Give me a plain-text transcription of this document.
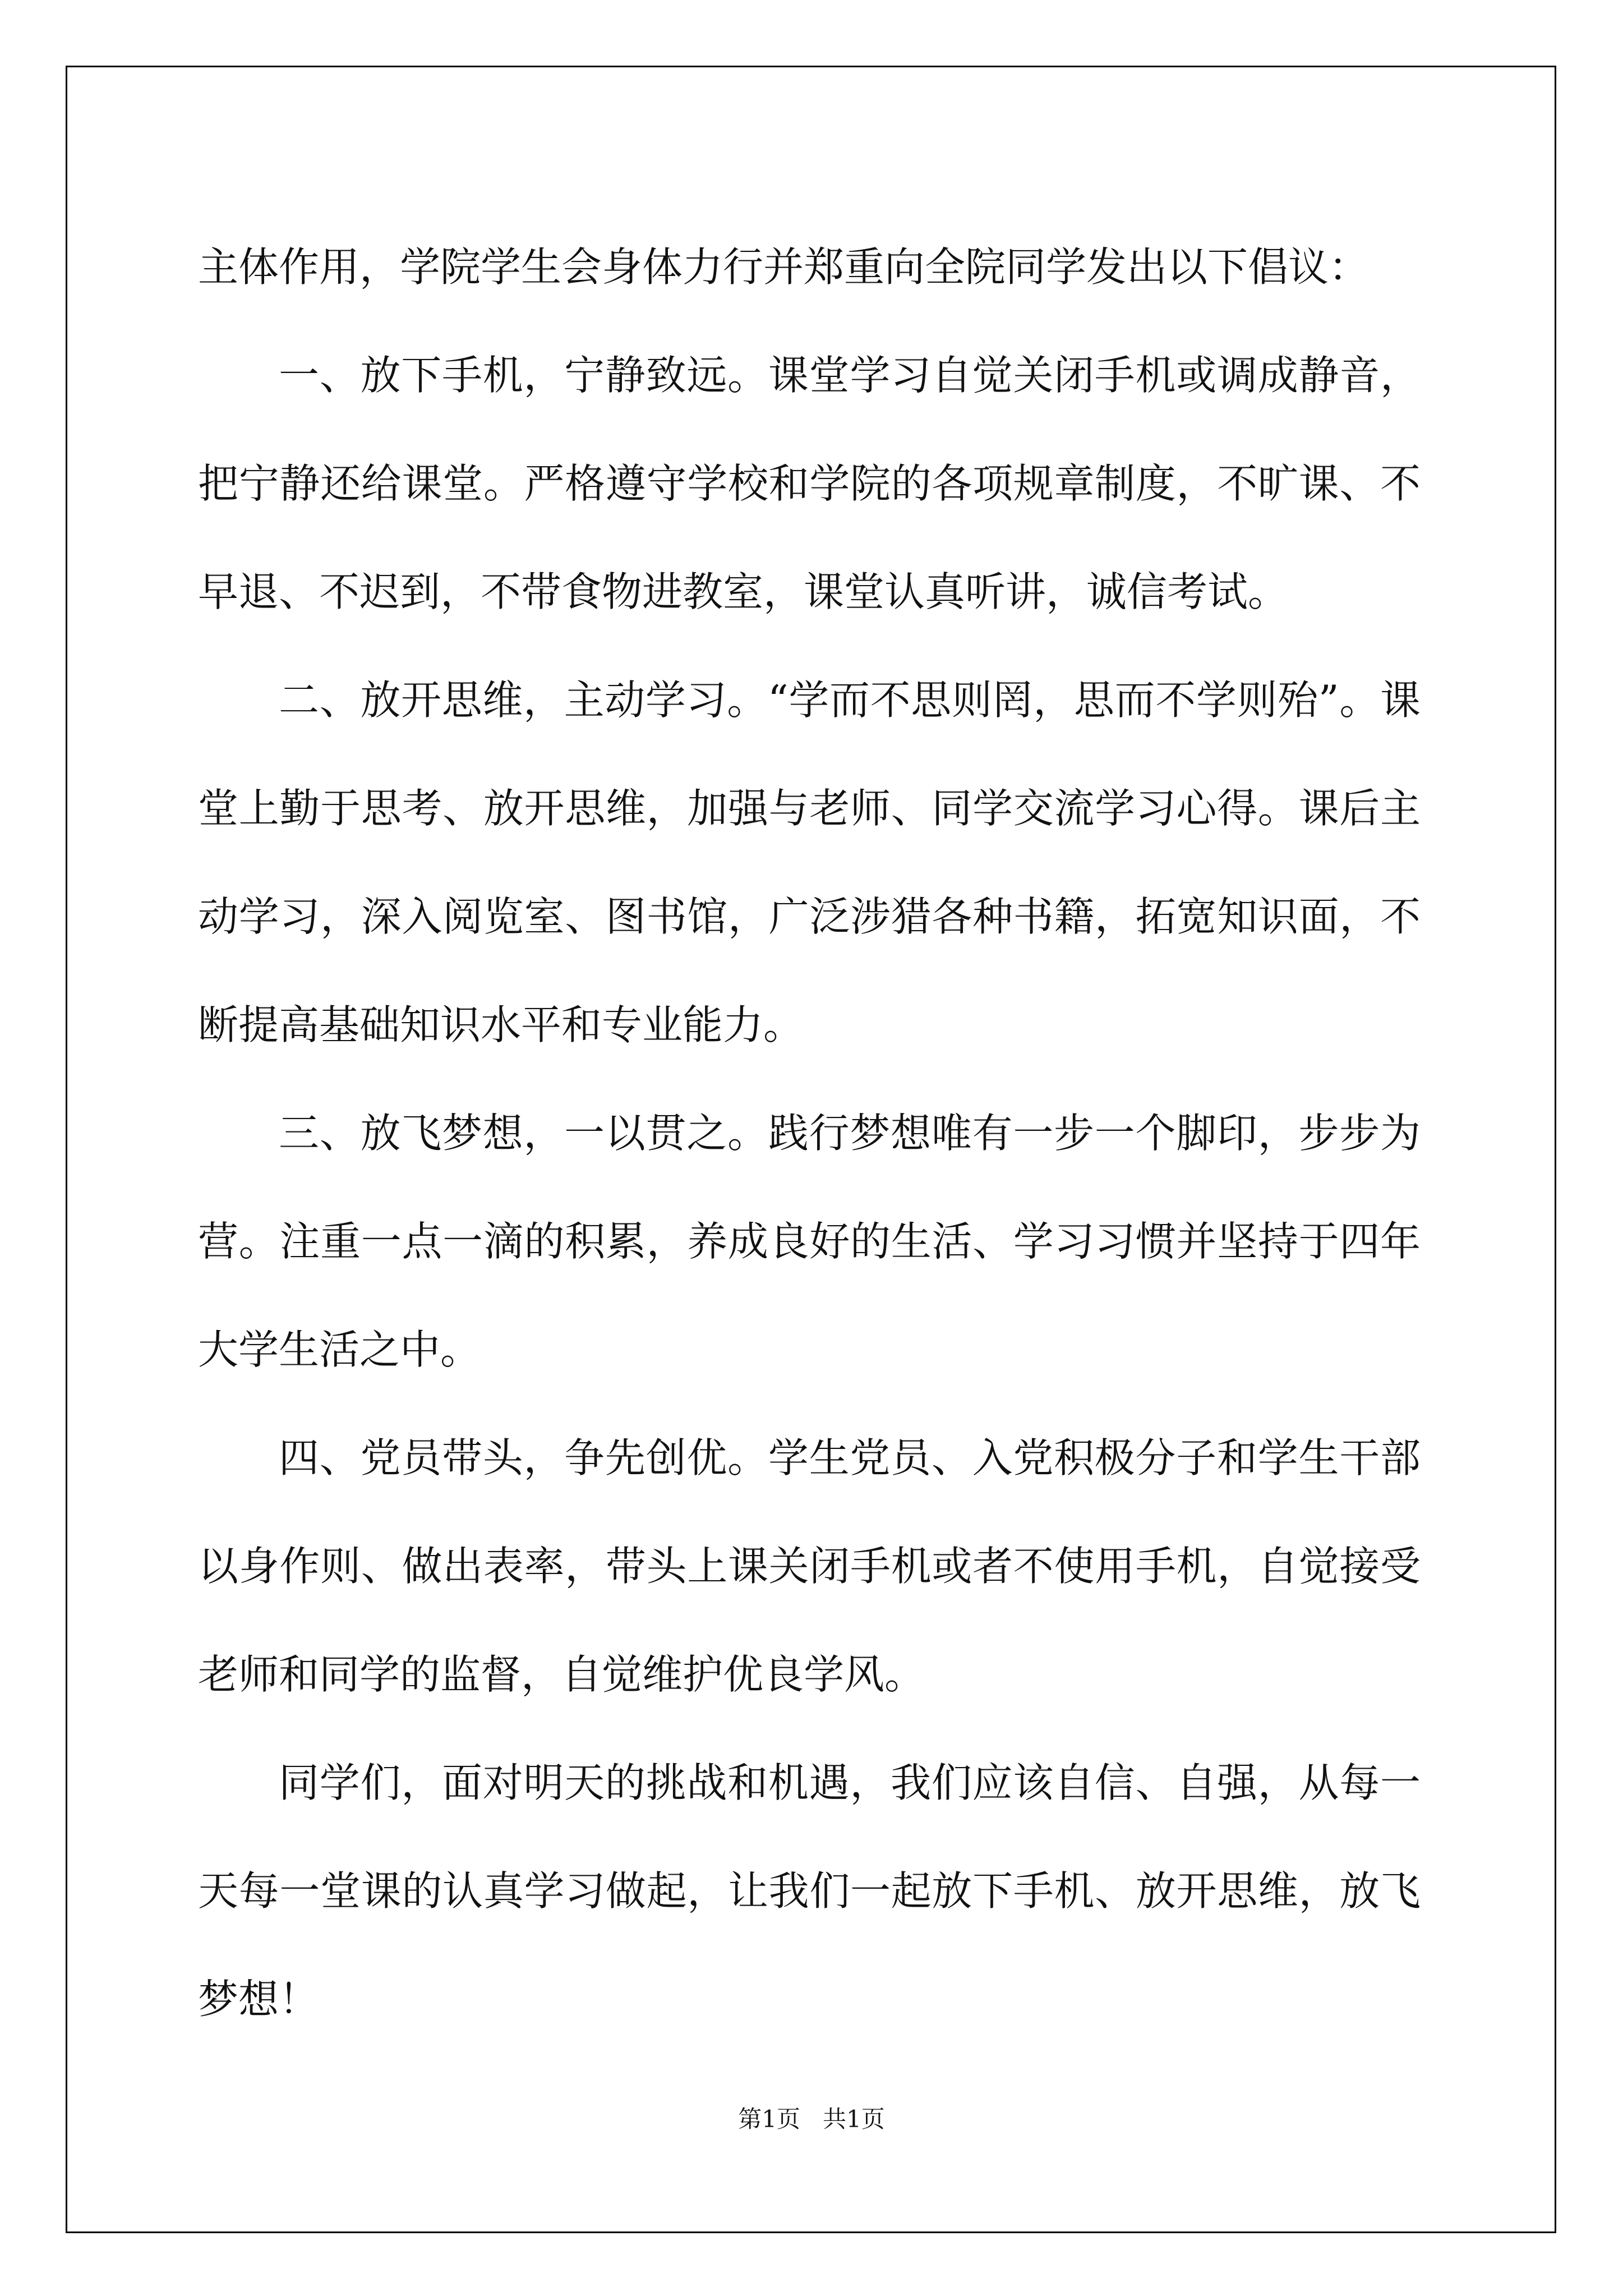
主体作用，学院学生会身体力行并郑重向全院同学发出以下倡议：

一、放下手机，宁静致远。课堂学习自觉关闭手机或调成静音，把宁静还给课堂。严格遵守学校和学院的各项规章制度，不旷课、不早退、不迟到，不带食物进教室，课堂认真听讲，诚信考试。

二、放开思维，主动学习。“学而不思则罔，思而不学则殆”。课堂上勤于思考、放开思维，加强与老师、同学交流学习心得。课后主动学习，深入阅览室、图书馆，广泛涉猎各种书籍，拓宽知识面，不断提高基础知识水平和专业能力。

三、放飞梦想，一以贯之。践行梦想唯有一步一个脚印，步步为营。注重一点一滴的积累，养成良好的生活、学习习惯并坚持于四年大学生活之中。

四、党员带头，争先创优。学生党员、入党积极分子和学生干部以身作则、做出表率，带头上课关闭手机或者不使用手机，自觉接受老师和同学的监督，自觉维护优良学风。

同学们，面对明天的挑战和机遇，我们应该自信、自强，从每一天每一堂课的认真学习做起，让我们一起放下手机、放开思维，放飞梦想！

第1页   共1页
